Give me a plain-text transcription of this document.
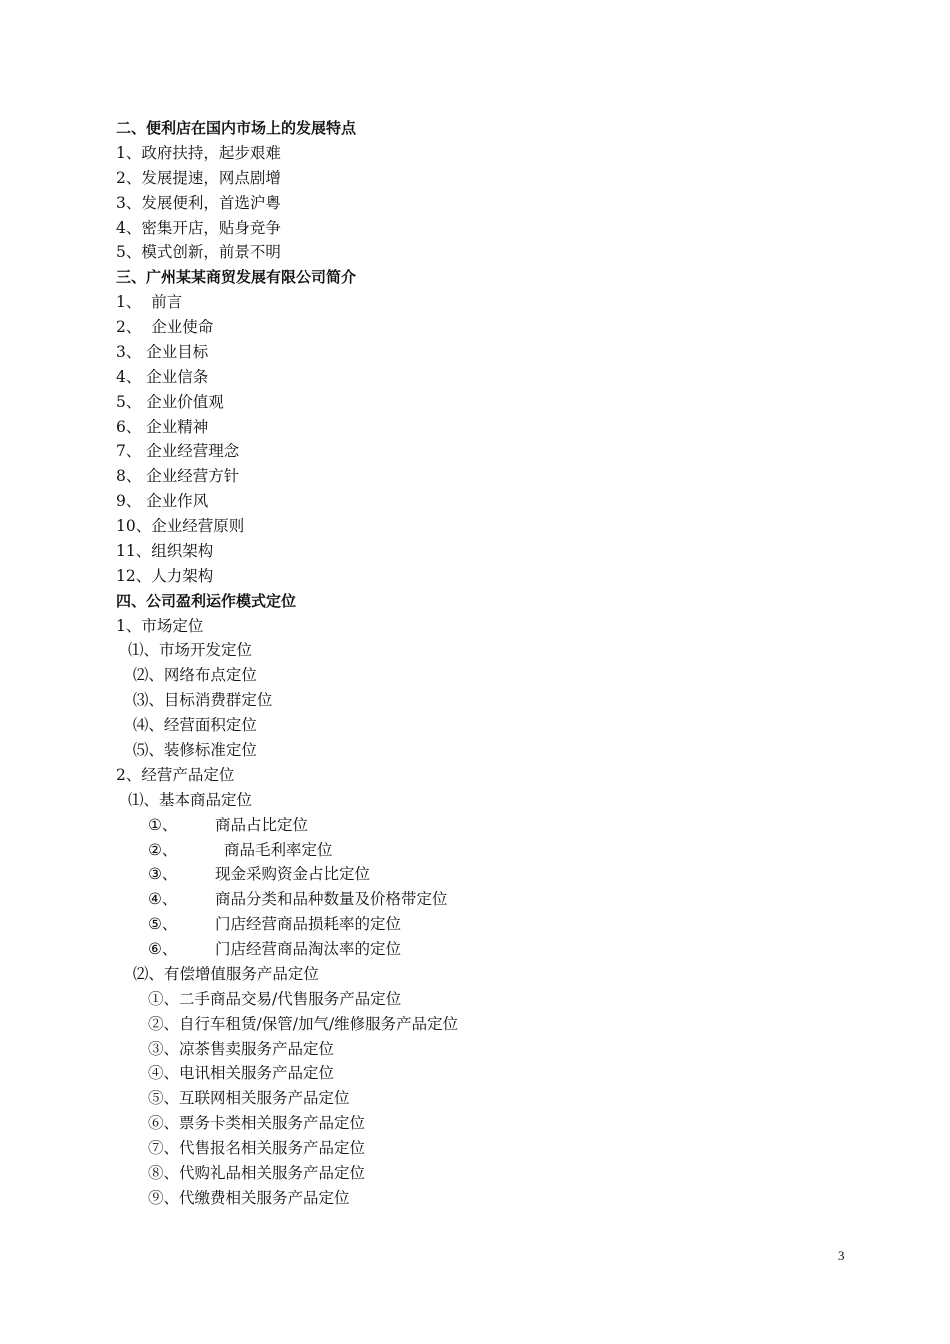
二、便利店在国内市场上的发展特点
1、政府扶持，起步艰难
2、发展提速，网点剧增
3、发展便利，首选沪粤
4、密集开店，贴身竞争
5、模式创新，前景不明
三、广州某某商贸发展有限公司简介
1、  前言
2、  企业使命
3、 企业目标
4、 企业信条
5、 企业价值观
6、 企业精神
7、 企业经营理念
8、 企业经营方针
9、 企业作风
10、企业经营原则
11、组织架构
12、人力架构
四、公司盈利运作模式定位
1、市场定位
⑴、市场开发定位
⑵、网络布点定位
⑶、目标消费群定位
⑷、经营面积定位
⑸、装修标准定位
2、经营产品定位
⑴、基本商品定位
①、 商品占比定位
②、	商品毛利率定位
③、 现金采购资金占比定位
④、 商品分类和品种数量及价格带定位
⑤、 门店经营商品损耗率的定位
⑥、 门店经营商品淘汰率的定位
⑵、有偿增值服务产品定位
①、二手商品交易/代售服务产品定位
②、自行车租赁/保管/加气/维修服务产品定位
③、凉茶售卖服务产品定位
④、电讯相关服务产品定位
⑤、互联网相关服务产品定位
⑥、票务卡类相关服务产品定位
⑦、代售报名相关服务产品定位
⑧、代购礼品相关服务产品定位
⑨、代缴费相关服务产品定位
3
